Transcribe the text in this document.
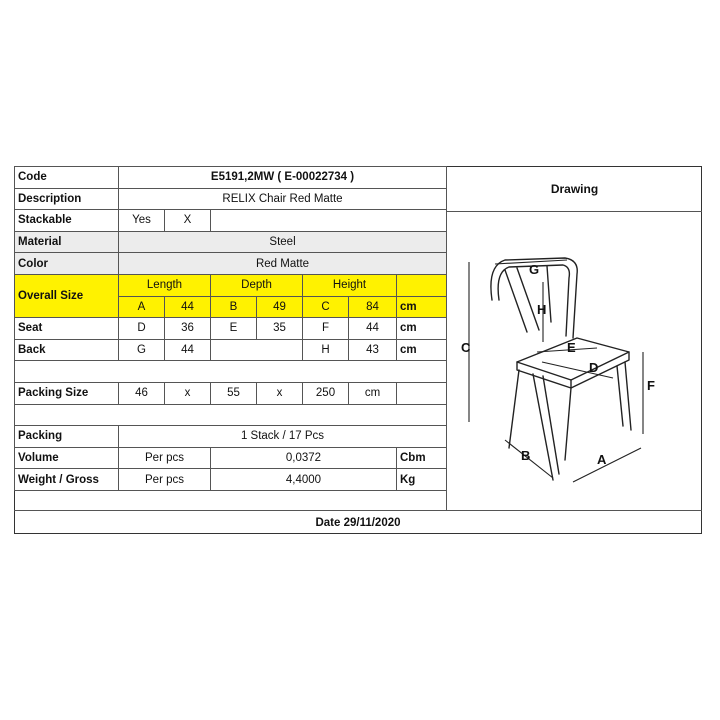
Code	E5191,2MW ( E-00022734 )						
Description	RELIX Chair Red Matte						
Stackable	Yes	X					
Material	Steel						
Color	Red Matte						
Overall Size	Length		Depth		Height		
	A	44	B	49	C	84	cm
Seat	D	36	E	35	F	44	cm
Back	G	44			H	43	cm

Packing Size	46	x	55	x	250	cm	

Packing	1 Stack / 17 Pcs						
Volume	Per pcs		0,0372				Cbm
Weight / Gross	Per pcs		4,4000				Kg
Drawing
G
H
C	E
D
F
B	A
Date 29/11/2020
